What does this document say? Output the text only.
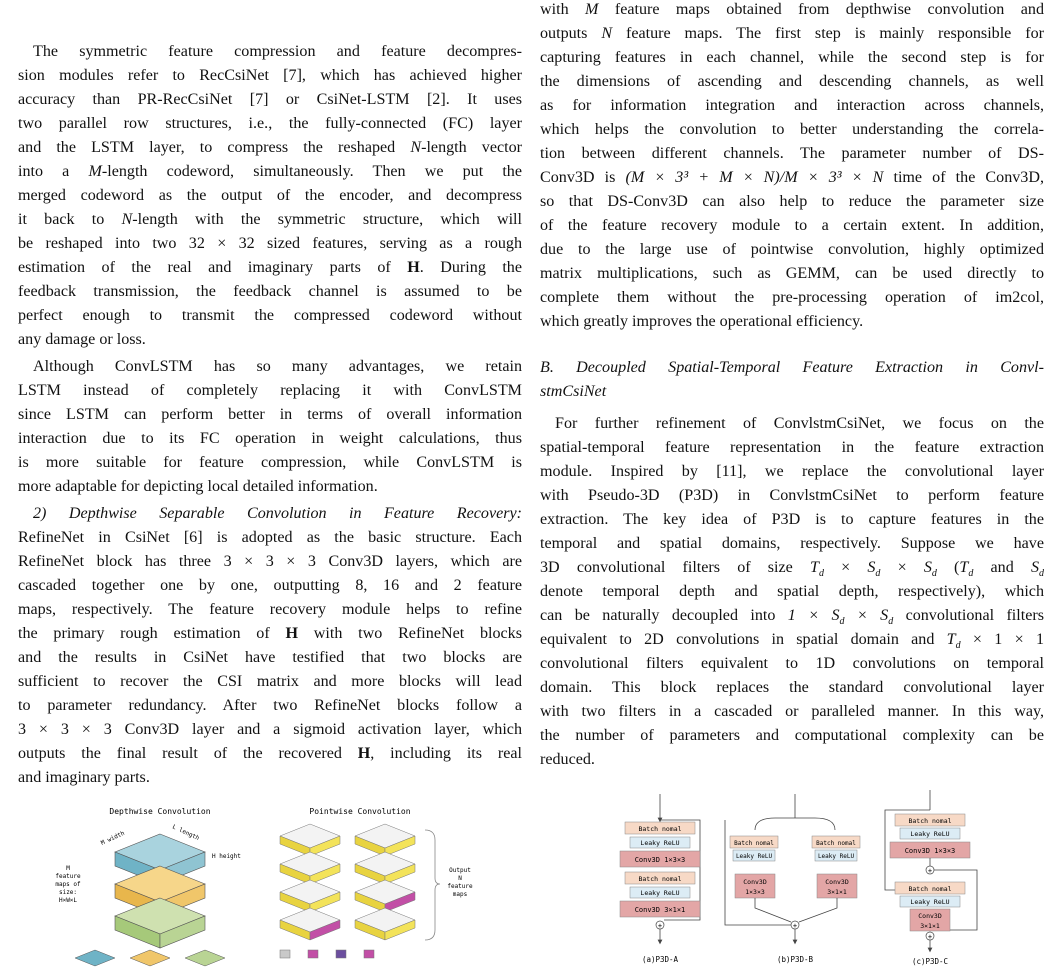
The symmetric feature compression and feature decompres-
sion modules refer to RecCsiNet [7], which has achieved higher
accuracy than PR-RecCsiNet [7] or CsiNet-LSTM [2]. It uses
two parallel row structures, i.e., the fully-connected (FC) layer
and the LSTM layer, to compress the reshaped N-length vector
into a M-length codeword, simultaneously. Then we put the
merged codeword as the output of the encoder, and decompress
it back to N-length with the symmetric structure, which will
be reshaped into two 32 × 32 sized features, serving as a rough
estimation of the real and imaginary parts of H. During the
feedback transmission, the feedback channel is assumed to be
perfect enough to transmit the compressed codeword without
any damage or loss.
Although ConvLSTM has so many advantages, we retain
LSTM instead of completely replacing it with ConvLSTM
since LSTM can perform better in terms of overall information
interaction due to its FC operation in weight calculations, thus
is more suitable for feature compression, while ConvLSTM is
more adaptable for depicting local detailed information.
2) Depthwise Separable Convolution in Feature Recovery:
RefineNet in CsiNet [6] is adopted as the basic structure. Each
RefineNet block has three 3 × 3 × 3 Conv3D layers, which are
cascaded together one by one, outputting 8, 16 and 2 feature
maps, respectively. The feature recovery module helps to refine
the primary rough estimation of H with two RefineNet blocks
and the results in CsiNet have testified that two blocks are
sufficient to recover the CSI matrix and more blocks will lead
to parameter redundancy. After two RefineNet blocks follow a
3 × 3 × 3 Conv3D layer and a sigmoid activation layer, which
outputs the final result of the recovered H, including its real
and imaginary parts.
with M feature maps obtained from depthwise convolution and
outputs N feature maps. The first step is mainly responsible for
capturing features in each channel, while the second step is for
the dimensions of ascending and descending channels, as well
as for information integration and interaction across channels,
which helps the convolution to better understanding the correla-
tion between different channels. The parameter number of DS-
Conv3D is (M × 3³ + M × N)/M × 3³ × N time of the Conv3D,
so that DS-Conv3D can also help to reduce the parameter size
of the feature recovery module to a certain extent. In addition,
due to the large use of pointwise convolution, highly optimized
matrix multiplications, such as GEMM, can be used directly to
complete them without the pre-processing operation of im2col,
which greatly improves the operational efficiency.
B. Decoupled Spatial-Temporal Feature Extraction in Convl-
stmCsiNet
For further refinement of ConvlstmCsiNet, we focus on the
spatial-temporal feature representation in the feature extraction
module. Inspired by [11], we replace the convolutional layer
with Pseudo-3D (P3D) in ConvlstmCsiNet to perform feature
extraction. The key idea of P3D is to capture features in the
temporal and spatial domains, respectively. Suppose we have
3D convolutional filters of size $T_d \times S_d \times S_d$ ($T_d$ and $S_d$
denote temporal depth and spatial depth, respectively), which
can be naturally decoupled into $1 \times S_d \times S_d$ convolutional filters
equivalent to 2D convolutions in spatial domain and $T_d \times 1 \times 1$
convolutional filters equivalent to 1D convolutions on temporal
domain. This block replaces the standard convolutional layer
with two filters in a cascaded or paralleled manner. In this way,
the number of parameters and computational complexity can be
reduced.
Depthwise Convolution	Pointwise Convolution
M width	L length
H height
M
feature
maps of
size:
H×W×L
Output
N
feature
maps
Batch nomal
Leaky ReLU
Conv3D 1×3×3
Batch nomal
Leaky ReLU
Conv3D 3×1×1
+
(a)P3D-A
Batch nomal
Leaky ReLU
Conv3D
1×3×3
Batch nomal
Leaky ReLU
Conv3D
3×1×1
+
(b)P3D-B
Batch nomal
Leaky ReLU
Conv3D 1×3×3
+
Batch nomal
Leaky ReLU
Conv3D
3×1×1
+
(c)P3D-C
